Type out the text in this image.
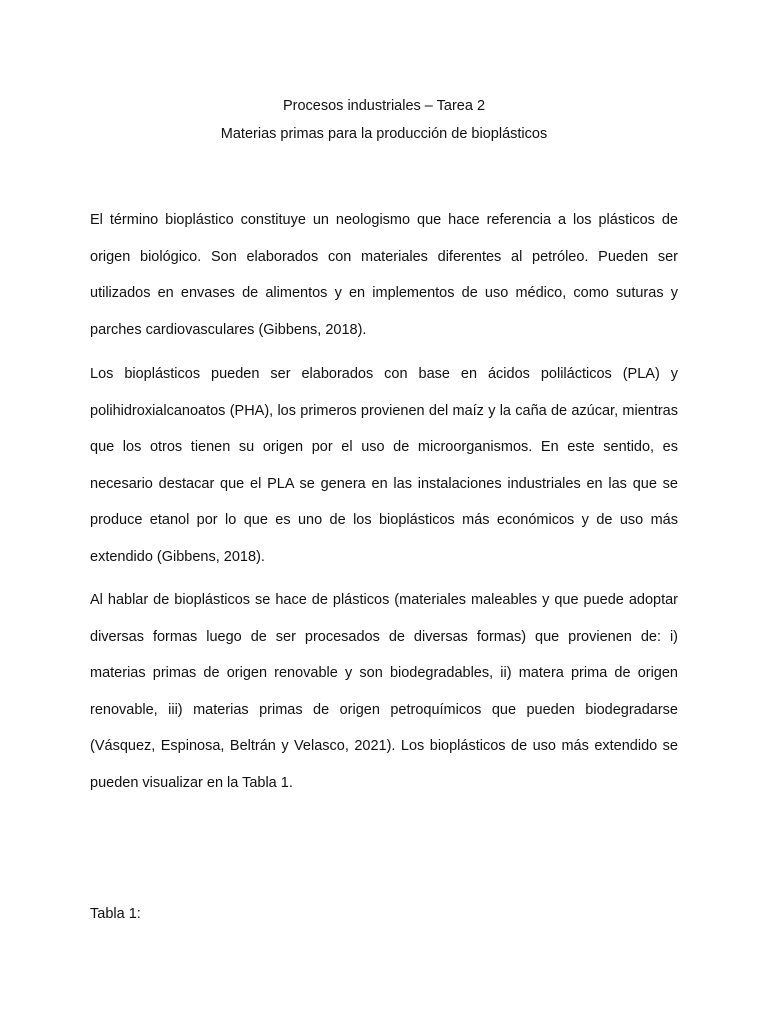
Procesos industriales – Tarea 2
Materias primas para la producción de bioplásticos

El término bioplástico constituye un neologismo que hace referencia a los plásticos de origen biológico. Son elaborados con materiales diferentes al petróleo. Pueden ser utilizados en envases de alimentos y en implementos de uso médico, como suturas y parches cardiovasculares (Gibbens, 2018).

Los bioplásticos pueden ser elaborados con base en ácidos polilácticos (PLA) y polihidroxialcanoatos (PHA), los primeros provienen del maíz y la caña de azúcar, mientras que los otros tienen su origen por el uso de microorganismos. En este sentido, es necesario destacar que el PLA se genera en las instalaciones industriales en las que se produce etanol por lo que es uno de los bioplásticos más económicos y de uso más extendido (Gibbens, 2018).

Al hablar de bioplásticos se hace de plásticos (materiales maleables y que puede adoptar diversas formas luego de ser procesados de diversas formas) que provienen de: i) materias primas de origen renovable y son biodegradables, ii) matera prima de origen renovable, iii) materias primas de origen petroquímicos que pueden biodegradarse (Vásquez, Espinosa, Beltrán y Velasco, 2021). Los bioplásticos de uso más extendido se pueden visualizar en la Tabla 1.

Tabla 1:
